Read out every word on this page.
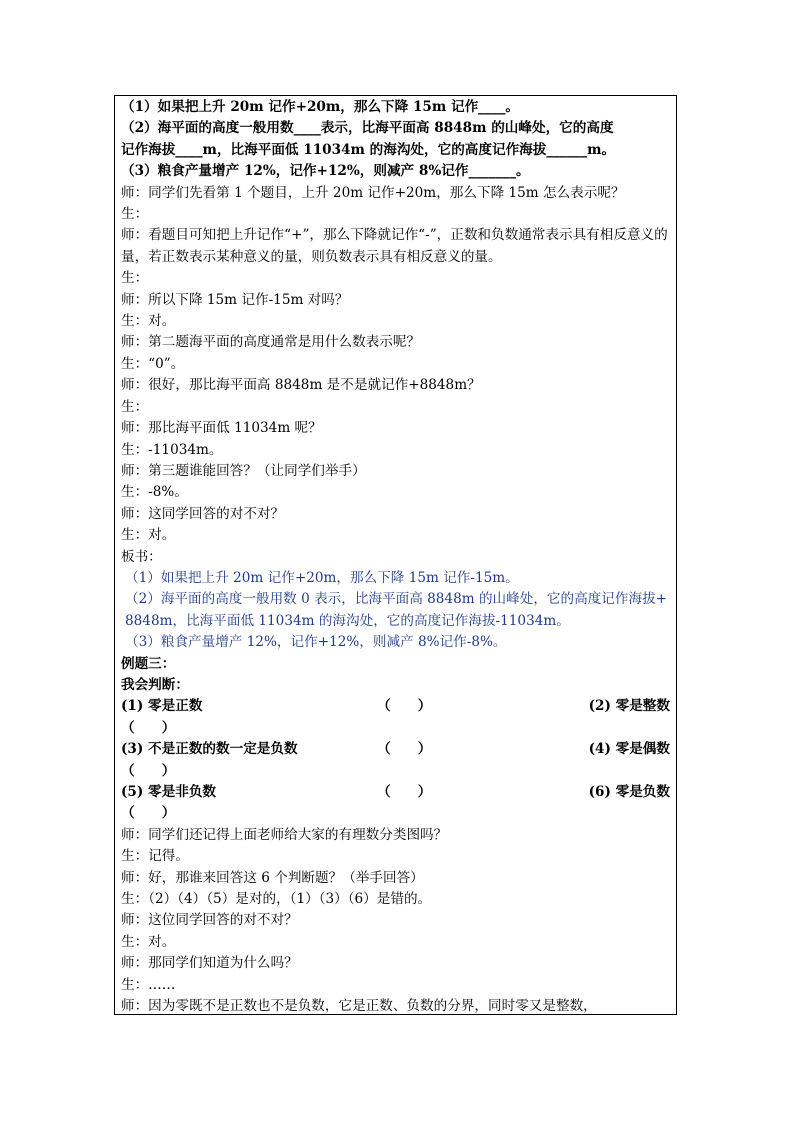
（1）如果把上升 20m 记作+20m，那么下降 15m 记作____。

（2）海平面的高度一般用数____表示，比海平面高 8848m 的山峰处，它的高度

记作海拔____m，比海平面低 11034m 的海沟处，它的高度记作海拔______m。

（3）粮食产量增产 12%，记作+12%，则减产 8%记作_______。

师：同学们先看第 1 个题目，上升 20m 记作+20m，那么下降 15m 怎么表示呢？

生：

师：看题目可知把上升记作“+”，那么下降就记作“-”，正数和负数通常表示具有相反意义的量，若正数表示某种意义的量，则负数表示具有相反意义的量。

生：

师：所以下降 15m 记作-15m 对吗？

生：对。

师：第二题海平面的高度通常是用什么数表示呢？

生：“0”。

师：很好，那比海平面高 8848m 是不是就记作+8848m？

生：

师：那比海平面低 11034m 呢？

生：-11034m。

师：第三题谁能回答？（让同学们举手）

生：-8%。

师：这同学回答的对不对？

生：对。

板书：

（1）如果把上升 20m 记作+20m，那么下降 15m 记作-15m。

（2）海平面的高度一般用数 0 表示，比海平面高 8848m 的山峰处，它的高度记作海拔+8848m，比海平面低 11034m 的海沟处，它的高度记作海拔-11034m。

（3）粮食产量增产 12%，记作+12%，则减产 8%记作-8%。

例题三：

我会判断：

(1) 零是正数	（　　）	(2) 零是整数

（　　）

(3) 不是正数的数一定是负数	（　　）	(4) 零是偶数

（　　）

(5) 零是非负数	（　　）	(6) 零是负数

（　　）

师：同学们还记得上面老师给大家的有理数分类图吗？

生：记得。

师：好，那谁来回答这 6 个判断题？（举手回答）

生：（2）（4）（5）是对的，（1）（3）（6）是错的。

师：这位同学回答的对不对？

生：对。

师：那同学们知道为什么吗？

生：……

师：因为零既不是正数也不是负数，它是正数、负数的分界，同时零又是整数，
